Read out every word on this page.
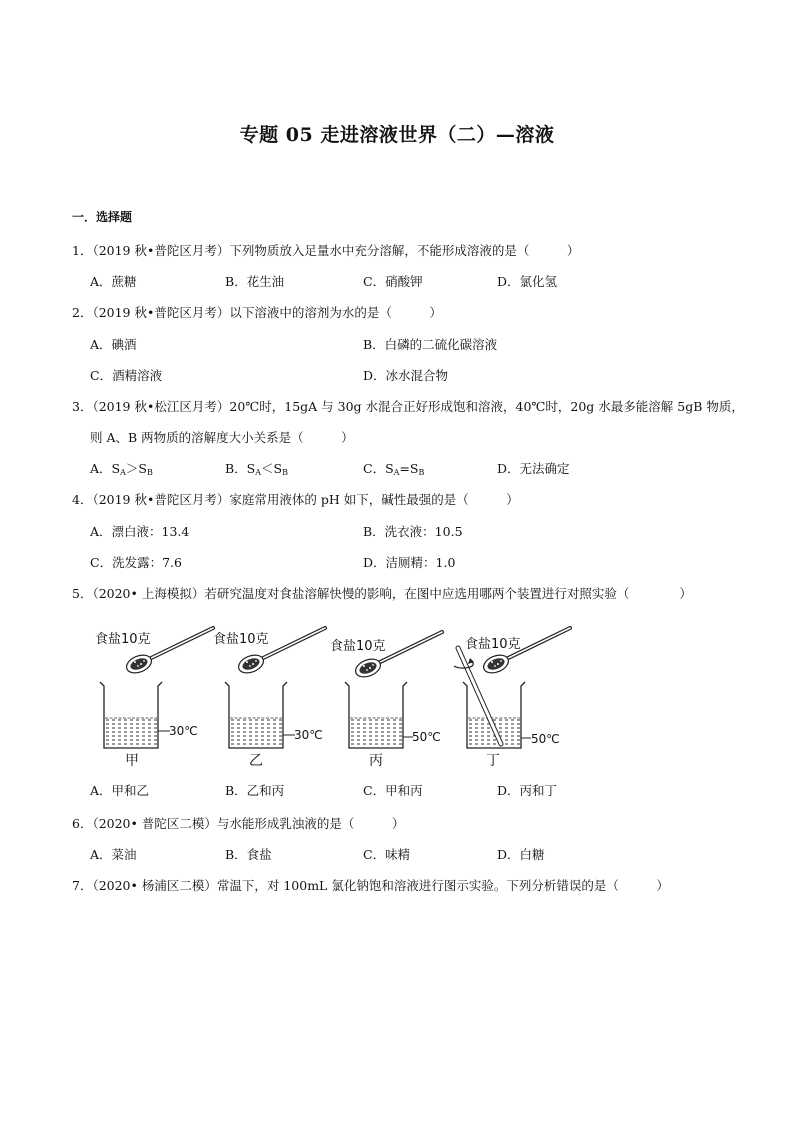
专题 05 走进溶液世界（二）—溶液
一．选择题
1．（2019 秋•普陀区月考）下列物质放入足量水中充分溶解，不能形成溶液的是（　　　）
A．蔗糖	B．花生油	C．硝酸钾	D．氯化氢
2．（2019 秋•普陀区月考）以下溶液中的溶剂为水的是（　　　）
A．碘酒	B．白磷的二硫化碳溶液
C．酒精溶液	D．冰水混合物
3．（2019 秋•松江区月考）20℃时，15gA 与 30g 水混合正好形成饱和溶液，40℃时，20g 水最多能溶解 5gB 物质，
则 A、B 两物质的溶解度大小关系是（　　　）
A．$S_A>S_B$	B．$S_A<S_B$	C．$S_A=S_B$	D．无法确定
4．（2019 秋•普陀区月考）家庭常用液体的 pH 如下，碱性最强的是（　　　）
A．漂白液：13.4	B．洗衣液：10.5
C．洗发露：7.6	D．洁厕精：1.0
5．（2020• 上海模拟）若研究温度对食盐溶解快慢的影响，在图中应选用哪两个装置进行对照实验（　　　　）
食盐10克
30℃
甲
食盐10克
30℃
乙
食盐10克
50℃
丙
食盐10克
50℃
丁
A．甲和乙	B．乙和丙	C．甲和丙	D．丙和丁
6．（2020• 普陀区二模）与水能形成乳浊液的是（　　　）
A．菜油	B．食盐	C．味精	D．白糖
7．（2020• 杨浦区二模）常温下，对 100mL 氯化钠饱和溶液进行图示实验。下列分析错误的是（　　　）
